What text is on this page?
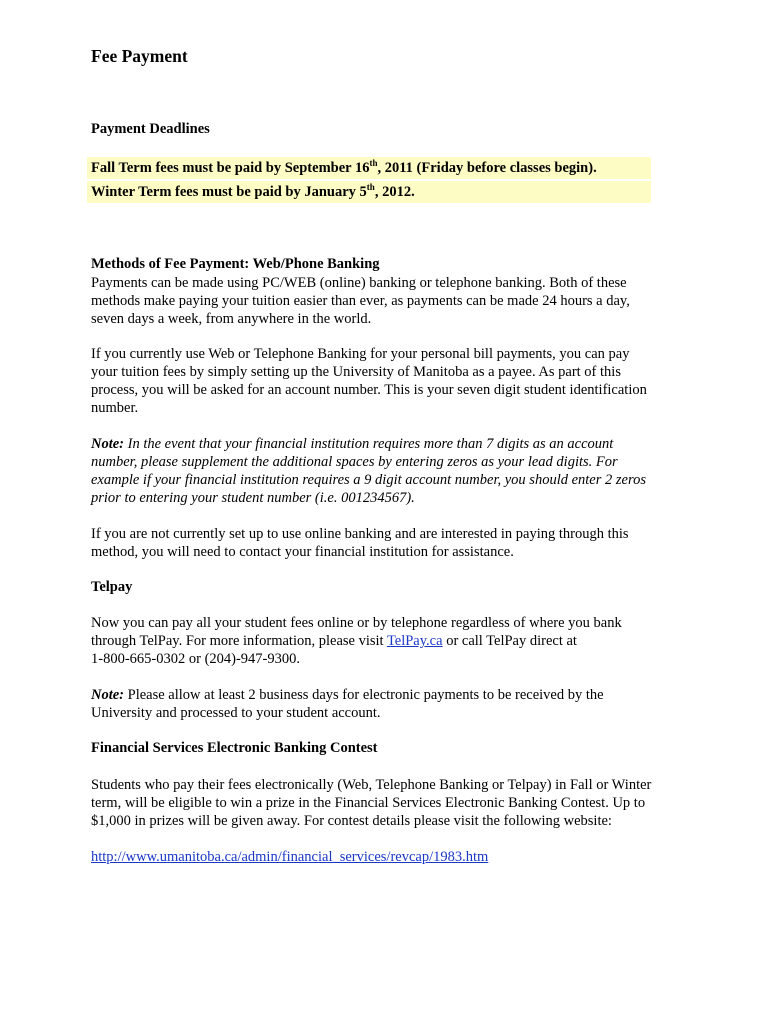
Fee Payment
Payment Deadlines
Fall Term fees must be paid by September 16th, 2011 (Friday before classes begin).
Winter Term fees must be paid by January 5th, 2012.
Methods of Fee Payment: Web/Phone Banking
Payments can be made using PC/WEB (online) banking or telephone banking. Both of these
methods make paying your tuition easier than ever, as payments can be made 24 hours a day,
seven days a week, from anywhere in the world.
If you currently use Web or Telephone Banking for your personal bill payments, you can pay
your tuition fees by simply setting up the University of Manitoba as a payee. As part of this
process, you will be asked for an account number. This is your seven digit student identification
number.
Note: In the event that your financial institution requires more than 7 digits as an account
number, please supplement the additional spaces by entering zeros as your lead digits. For
example if your financial institution requires a 9 digit account number, you should enter 2 zeros
prior to entering your student number (i.e. 001234567).
If you are not currently set up to use online banking and are interested in paying through this
method, you will need to contact your financial institution for assistance.
Telpay
Now you can pay all your student fees online or by telephone regardless of where you bank
through TelPay. For more information, please visit TelPay.ca or call TelPay direct at
1-800-665-0302 or (204)-947-9300.
Note: Please allow at least 2 business days for electronic payments to be received by the
University and processed to your student account.
Financial Services Electronic Banking Contest
Students who pay their fees electronically (Web, Telephone Banking or Telpay) in Fall or Winter
term, will be eligible to win a prize in the Financial Services Electronic Banking Contest. Up to
$1,000 in prizes will be given away. For contest details please visit the following website:
http://www.umanitoba.ca/admin/financial_services/revcap/1983.htm
